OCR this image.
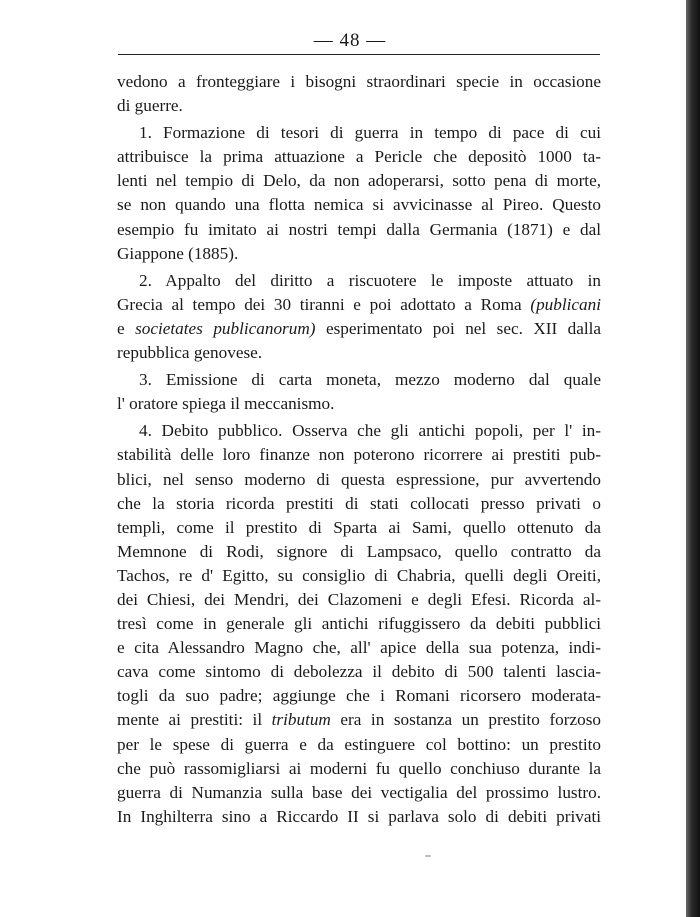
— 48 —
vedono a fronteggiare i bisogni straordinari specie in occasione
di guerre.
1. Formazione di tesori di guerra in tempo di pace di cui
attribuisce la prima attuazione a Pericle che depositò 1000 ta-
lenti nel tempio di Delo, da non adoperarsi, sotto pena di morte,
se non quando una flotta nemica si avvicinasse al Pireo. Questo
esempio fu imitato ai nostri tempi dalla Germania (1871) e dal
Giappone (1885).
2. Appalto del diritto a riscuotere le imposte attuato in
Grecia al tempo dei 30 tiranni e poi adottato a Roma (publicani
e societates publicanorum) esperimentato poi nel sec. XII dalla
repubblica genovese.
3. Emissione di carta moneta, mezzo moderno dal quale
l' oratore spiega il meccanismo.
4. Debito pubblico. Osserva che gli antichi popoli, per l' in-
stabilità delle loro finanze non poterono ricorrere ai prestiti pub-
blici, nel senso moderno di questa espressione, pur avvertendo
che la storia ricorda prestiti di stati collocati presso privati o
templi, come il prestito di Sparta ai Sami, quello ottenuto da
Memnone di Rodi, signore di Lampsaco, quello contratto da
Tachos, re d' Egitto, su consiglio di Chabria, quelli degli Oreiti,
dei Chiesi, dei Mendri, dei Clazomeni e degli Efesi. Ricorda al-
tresì come in generale gli antichi rifuggissero da debiti pubblici
e cita Alessandro Magno che, all' apice della sua potenza, indi-
cava come sintomo di debolezza il debito di 500 talenti lascia-
togli da suo padre; aggiunge che i Romani ricorsero moderata-
mente ai prestiti: il tributum era in sostanza un prestito forzoso
per le spese di guerra e da estinguere col bottino: un prestito
che può rassomigliarsi ai moderni fu quello conchiuso durante la
guerra di Numanzia sulla base dei vectigalia del prossimo lustro.
In Inghilterra sino a Riccardo II si parlava solo di debiti privati
